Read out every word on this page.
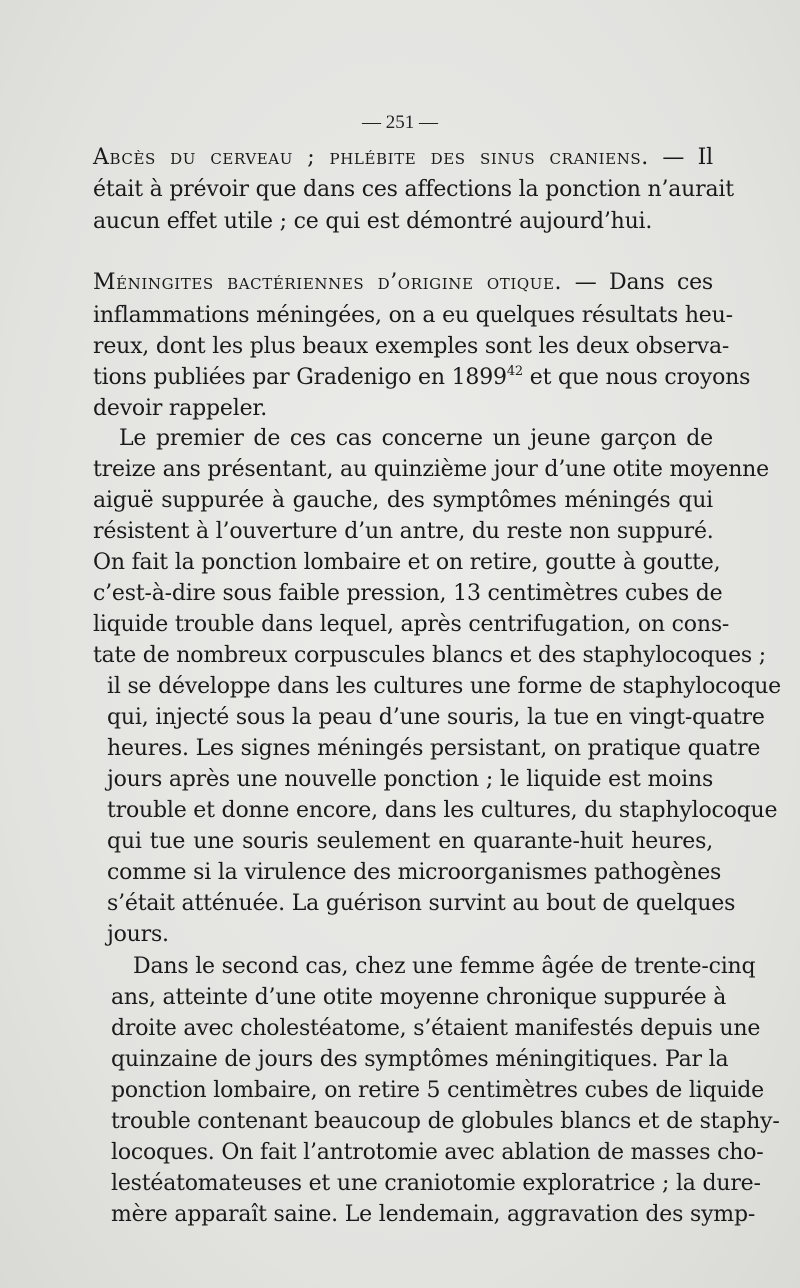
— 251 —
Abcès du cerveau ; phlébite des sinus craniens. — Il
était à prévoir que dans ces affections la ponction n’aurait
aucun effet utile ; ce qui est démontré aujourd’hui.
Méningites bactériennes d’origine otique. — Dans ces
inflammations méningées, on a eu quelques résultats heu-
reux, dont les plus beaux exemples sont les deux observa-
tions publiées par Gradenigo en 1899$^{42}$ et que nous croyons
devoir rappeler.
Le premier de ces cas concerne un jeune garçon de
treize ans présentant, au quinzième jour d’une otite moyenne
aiguë suppurée à gauche, des symptômes méningés qui
résistent à l’ouverture d’un antre, du reste non suppuré.
On fait la ponction lombaire et on retire, goutte à goutte,
c’est-à-dire sous faible pression, 13 centimètres cubes de
liquide trouble dans lequel, après centrifugation, on cons-
tate de nombreux corpuscules blancs et des staphylocoques ;
il se développe dans les cultures une forme de staphylocoque
qui, injecté sous la peau d’une souris, la tue en vingt-quatre
heures. Les signes méningés persistant, on pratique quatre
jours après une nouvelle ponction ; le liquide est moins
trouble et donne encore, dans les cultures, du staphylocoque
qui tue une souris seulement en quarante-huit heures,
comme si la virulence des microorganismes pathogènes
s’était atténuée. La guérison survint au bout de quelques
jours.
Dans le second cas, chez une femme âgée de trente-cinq
ans, atteinte d’une otite moyenne chronique suppurée à
droite avec cholestéatome, s’étaient manifestés depuis une
quinzaine de jours des symptômes méningitiques. Par la
ponction lombaire, on retire 5 centimètres cubes de liquide
trouble contenant beaucoup de globules blancs et de staphy-
locoques. On fait l’antrotomie avec ablation de masses cho-
lestéatomateuses et une craniotomie exploratrice ; la dure-
mère apparaît saine. Le lendemain, aggravation des symp-
